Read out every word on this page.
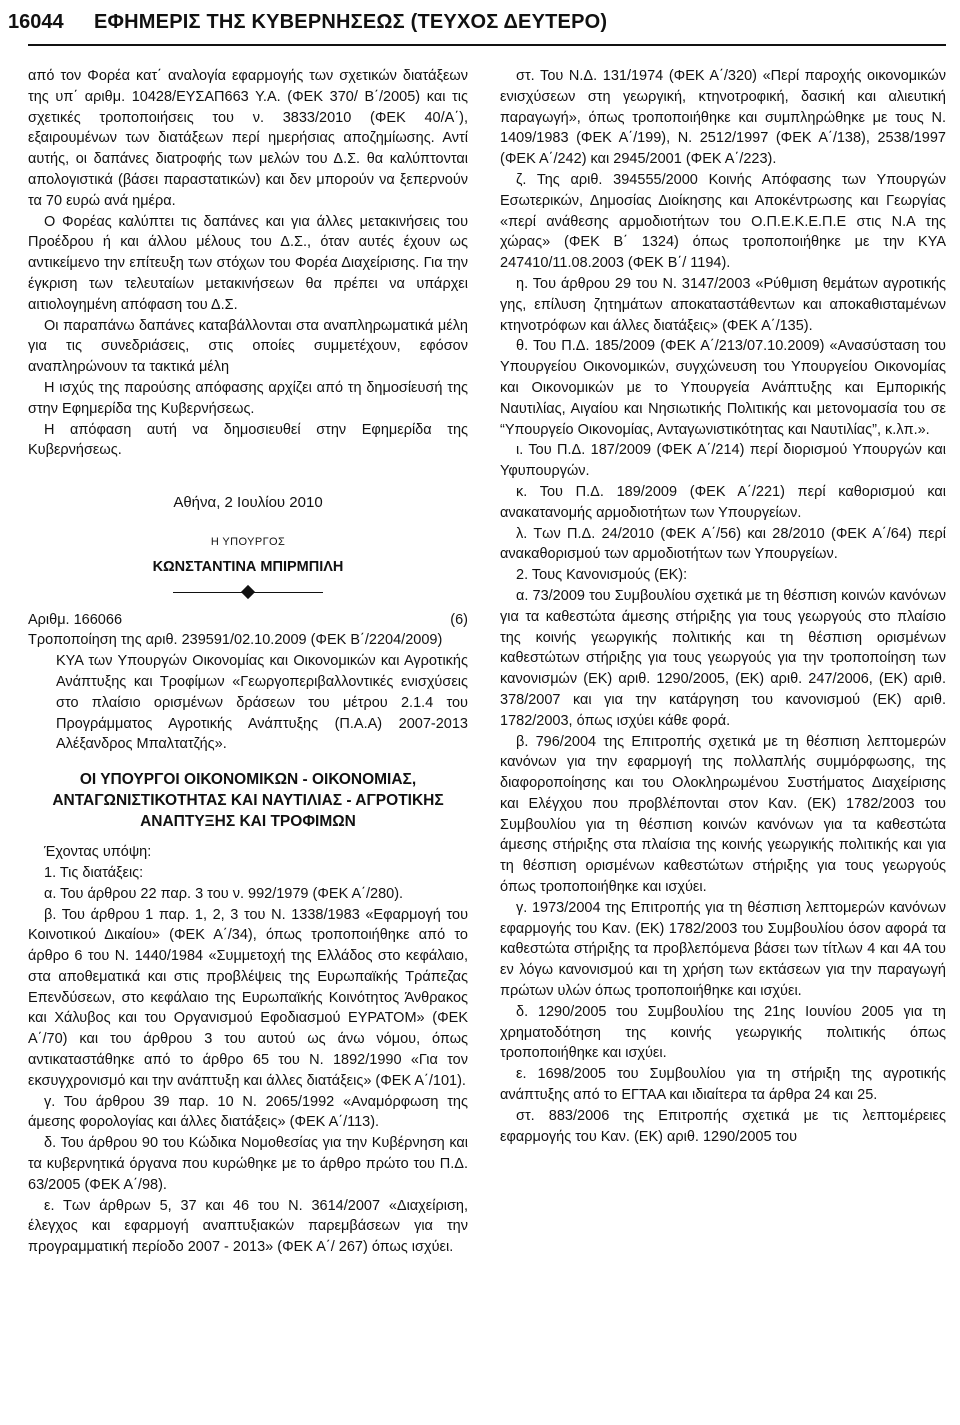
16044	ΕΦΗΜΕΡΙΣ ΤΗΣ ΚΥΒΕΡΝΗΣΕΩΣ (ΤΕΥΧΟΣ ΔΕΥΤΕΡΟ)

από τον Φορέα κατ΄ αναλογία εφαρμογής των σχετικών διατάξεων της υπ΄ αριθμ. 10428/ΕΥΣΑΠ663 Υ.Α. (ΦΕΚ 370/ Β΄/2005) και τις σχετικές τροποποιήσεις του ν. 3833/2010 (ΦΕΚ 40/Α΄), εξαιρουμένων των διατάξεων περί ημερήσιας αποζημίωσης. Αντί αυτής, οι δαπάνες διατροφής των μελών του Δ.Σ. θα καλύπτονται απολογιστικά (βάσει παραστατικών) και δεν μπορούν να ξεπερνούν τα 70 ευρώ ανά ημέρα.

Ο Φορέας καλύπτει τις δαπάνες και για άλλες μετακινήσεις του Προέδρου ή και άλλου μέλους του Δ.Σ., όταν αυτές έχουν ως αντικείμενο την επίτευξη των στόχων του Φορέα Διαχείρισης. Για την έγκριση των τελευταίων μετακινήσεων θα πρέπει να υπάρχει αιτιολογημένη απόφαση του Δ.Σ.

Οι παραπάνω δαπάνες καταβάλλονται στα αναπληρωματικά μέλη για τις συνεδριάσεις, στις οποίες συμμετέχουν, εφόσον αναπληρώνουν τα τακτικά μέλη

Η ισχύς της παρούσης απόφασης αρχίζει από τη δημοσίευσή της στην Εφημερίδα της Κυβερνήσεως.

Η απόφαση αυτή να δημοσιευθεί στην Εφημερίδα της Κυβερνήσεως.

Αθήνα, 2 Ιουλίου 2010
Η ΥΠΟΥΡΓΟΣ
ΚΩΝΣΤΑΝΤΙΝΑ ΜΠΙΡΜΠΙΛΗ
Αριθμ. 166066	(6)

Τροποποίηση της αριθ. 239591/02.10.2009 (ΦΕΚ Β΄/2204/2009)

ΚΥΑ των Υπουργών Οικονομίας και Οικονομικών και Αγροτικής Ανάπτυξης και Τροφίμων «Γεωργοπεριβαλλοντικές ενισχύσεις στο πλαίσιο ορισμένων δράσεων του μέτρου 2.1.4 του Προγράμματος Αγροτικής Ανάπτυξης (Π.Α.Α) 2007-2013 Αλέξανδρος Μπαλτατζής».

ΟΙ ΥΠΟΥΡΓΟΙ ΟΙΚΟΝΟΜΙΚΩΝ - ΟΙΚΟΝΟΜΙΑΣ, ΑΝΤΑΓΩΝΙΣΤΙΚΟΤΗΤΑΣ ΚΑΙ ΝΑΥΤΙΛΙΑΣ - ΑΓΡΟΤΙΚΗΣ ΑΝΑΠΤΥΞΗΣ ΚΑΙ ΤΡΟΦΙΜΩΝ

Έχοντας υπόψη:

1. Τις διατάξεις:

α. Του άρθρου 22 παρ. 3 του ν. 992/1979 (ΦΕΚ Α΄/280).

β. Του άρθρου 1 παρ. 1, 2, 3 του Ν. 1338/1983 «Εφαρμογή του Κοινοτικού Δικαίου» (ΦΕΚ Α΄/34), όπως τροποποιήθηκε από το άρθρο 6 του Ν. 1440/1984 «Συμμετοχή της Ελλάδος στο κεφάλαιο, στα αποθεματικά και στις προβλέψεις της Ευρωπαϊκής Τράπεζας Επενδύσεων, στο κεφάλαιο της Ευρωπαϊκής Κοινότητος Άνθρακος και Χάλυβος και του Οργανισμού Εφοδιασμού ΕΥΡΑΤΟΜ» (ΦΕΚ Α΄/70) και του άρθρου 3 του αυτού ως άνω νόμου, όπως αντικαταστάθηκε από το άρθρο 65 του Ν. 1892/1990 «Για τον εκσυγχρονισμό και την ανάπτυξη και άλλες διατάξεις» (ΦΕΚ Α΄/101).

γ. Του άρθρου 39 παρ. 10 Ν. 2065/1992 «Αναμόρφωση της άμεσης φορολογίας και άλλες διατάξεις» (ΦΕΚ Α΄/113).

δ. Του άρθρου 90 του Κώδικα Νομοθεσίας για την Κυβέρνηση και τα κυβερνητικά όργανα που κυρώθηκε με το άρθρο πρώτο του Π.Δ. 63/2005 (ΦΕΚ Α΄/98).

ε. Των άρθρων 5, 37 και 46 του Ν. 3614/2007 «Διαχείριση, έλεγχος και εφαρμογή αναπτυξιακών παρεμβάσεων για την προγραμματική περίοδο 2007 - 2013» (ΦΕΚ Α΄/ 267) όπως ισχύει.

στ. Του Ν.Δ. 131/1974 (ΦΕΚ Α΄/320) «Περί παροχής οικονομικών ενισχύσεων στη γεωργική, κτηνοτροφική, δασική και αλιευτική παραγωγή», όπως τροποποιήθηκε και συμπληρώθηκε με τους Ν. 1409/1983 (ΦΕΚ Α΄/199), Ν. 2512/1997 (ΦΕΚ Α΄/138), 2538/1997 (ΦΕΚ Α΄/242) και 2945/2001 (ΦΕΚ Α΄/223).

ζ. Της αριθ. 394555/2000 Κοινής Απόφασης των Υπουργών Εσωτερικών, Δημοσίας Διοίκησης και Αποκέντρωσης και Γεωργίας «περί ανάθεσης αρμοδιοτήτων του Ο.Π.Ε.Κ.Ε.Π.Ε στις Ν.Α της χώρας» (ΦΕΚ Β΄ 1324) όπως τροποποιήθηκε με την ΚΥΑ 247410/11.08.2003 (ΦΕΚ Β΄/ 1194).

η. Του άρθρου 29 του Ν. 3147/2003 «Ρύθμιση θεμάτων αγροτικής γης, επίλυση ζητημάτων αποκαταστάθεντων και αποκαθισταμένων κτηνοτρόφων και άλλες διατάξεις» (ΦΕΚ Α΄/135).

θ. Του Π.Δ. 185/2009 (ΦΕΚ Α΄/213/07.10.2009) «Ανασύσταση του Υπουργείου Οικονομικών, συγχώνευση του Υπουργείου Οικονομίας και Οικονομικών με το Υπουργεία Ανάπτυξης και Εμπορικής Ναυτιλίας, Αιγαίου και Νησιωτικής Πολιτικής και μετονομασία του σε “Υπουργείο Οικονομίας, Ανταγωνιστικότητας και Ναυτιλίας”, κ.λπ.».

ι. Του Π.Δ. 187/2009 (ΦΕΚ Α΄/214) περί διορισμού Υπουργών και Υφυπουργών.

κ. Του Π.Δ. 189/2009 (ΦΕΚ Α΄/221) περί καθορισμού και ανακατανομής αρμοδιοτήτων των Υπουργείων.

λ. Των Π.Δ. 24/2010 (ΦΕΚ Α΄/56) και 28/2010 (ΦΕΚ Α΄/64) περί ανακαθορισμού των αρμοδιοτήτων των Υπουργείων.

2. Τους Κανονισμούς (ΕΚ):

α. 73/2009 του Συμβουλίου σχετικά με τη θέσπιση κοινών κανόνων για τα καθεστώτα άμεσης στήριξης για τους γεωργούς στο πλαίσιο της κοινής γεωργικής πολιτικής και τη θέσπιση ορισμένων καθεστώτων στήριξης για τους γεωργούς για την τροποποίηση των κανονισμών (ΕΚ) αριθ. 1290/2005, (ΕΚ) αριθ. 247/2006, (ΕΚ) αριθ. 378/2007 και για την κατάργηση του κανονισμού (ΕΚ) αριθ. 1782/2003, όπως ισχύει κάθε φορά.

β. 796/2004 της Επιτροπής σχετικά με τη θέσπιση λεπτομερών κανόνων για την εφαρμογή της πολλαπλής συμμόρφωσης, της διαφοροποίησης και του Ολοκληρωμένου Συστήματος Διαχείρισης και Ελέγχου που προβλέπονται στον Καν. (ΕΚ) 1782/2003 του Συμβουλίου για τη θέσπιση κοινών κανόνων για τα καθεστώτα άμεσης στήριξης στα πλαίσια της κοινής γεωργικής πολιτικής και για τη θέσπιση ορισμένων καθεστώτων στήριξης για τους γεωργούς όπως τροποποιήθηκε και ισχύει.

γ. 1973/2004 της Επιτροπής για τη θέσπιση λεπτομερών κανόνων εφαρμογής του Καν. (ΕΚ) 1782/2003 του Συμβουλίου όσον αφορά τα καθεστώτα στήριξης τα προβλεπόμενα βάσει των τίτλων 4 και 4Α του εν λόγω κανονισμού και τη χρήση των εκτάσεων για την παραγωγή πρώτων υλών όπως τροποποιήθηκε και ισχύει.

δ. 1290/2005 του Συμβουλίου της 21ης Ιουνίου 2005 για τη χρηματοδότηση της κοινής γεωργικής πολιτικής όπως τροποποιήθηκε και ισχύει.

ε. 1698/2005 του Συμβουλίου για τη στήριξη της αγροτικής ανάπτυξης από το ΕΓΤΑΑ και ιδιαίτερα τα άρθρα 24 και 25.

στ. 883/2006 της Επιτροπής σχετικά με τις λεπτομέρειες εφαρμογής του Καν. (ΕΚ) αριθ. 1290/2005 του
